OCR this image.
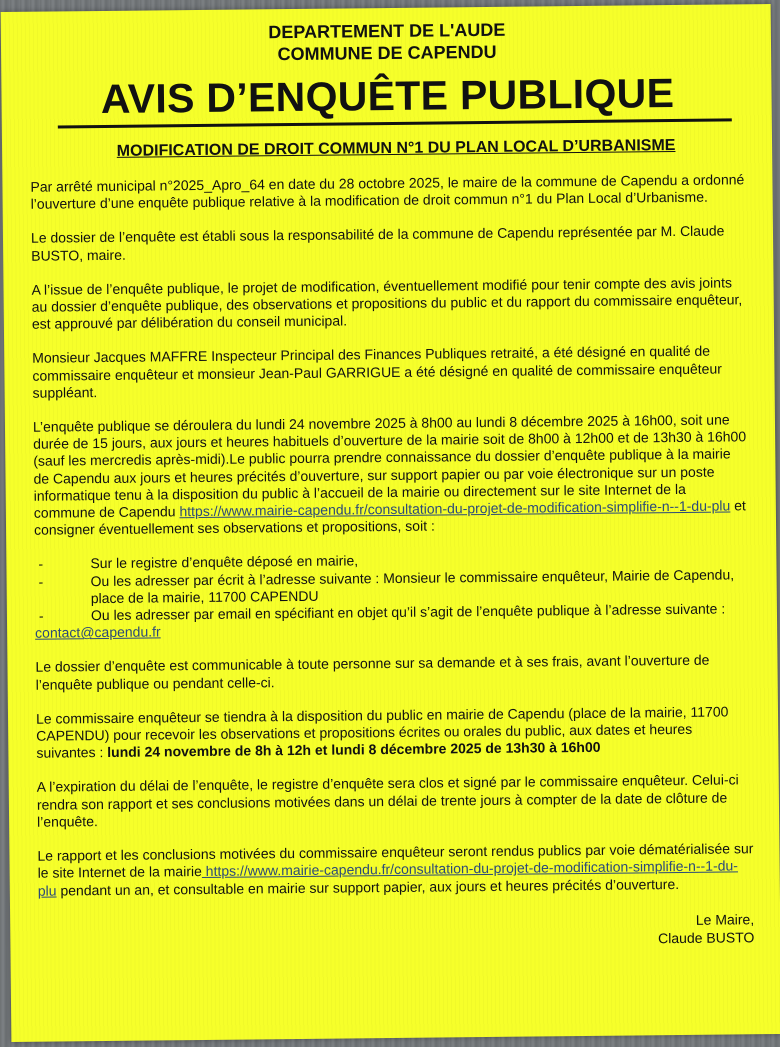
DEPARTEMENT DE L'AUDE

COMMUNE DE CAPENDU

AVIS D’ENQUÊTE PUBLIQUE
MODIFICATION DE DROIT COMMUN N°1 DU PLAN LOCAL D’URBANISME

Par arrêté municipal n°2025_Apro_64 en date du 28 octobre 2025, le maire de la commune de Capendu a ordonné l’ouverture d’une enquête publique relative à la modification de droit commun n°1 du Plan Local d’Urbanisme.

Le dossier de l’enquête est établi sous la responsabilité de la commune de Capendu représentée par M. Claude BUSTO, maire.

A l’issue de l’enquête publique, le projet de modification, éventuellement modifié pour tenir compte des avis joints au dossier d’enquête publique, des observations et propositions du public et du rapport du commissaire enquêteur, est approuvé par délibération du conseil municipal.

Monsieur Jacques MAFFRE Inspecteur Principal des Finances Publiques retraité, a été désigné en qualité de commissaire enquêteur et monsieur Jean-Paul GARRIGUE a été désigné en qualité de commissaire enquêteur suppléant.

L’enquête publique se déroulera du lundi 24 novembre 2025 à 8h00 au lundi 8 décembre 2025 à 16h00, soit une durée de 15 jours, aux jours et heures habituels d’ouverture de la mairie soit de 8h00 à 12h00 et de 13h30 à 16h00 (sauf les mercredis après-midi).Le public pourra prendre connaissance du dossier d’enquête publique à la mairie de Capendu aux jours et heures précités d’ouverture, sur support papier ou par voie électronique sur un poste informatique tenu à la disposition du public à l’accueil de la mairie ou directement sur le site Internet de la commune de Capendu https://www.mairie-capendu.fr/consultation-du-projet-de-modification-simplifie-n--1-du-plu et consigner éventuellement ses observations et propositions, soit :

-	Sur le registre d’enquête déposé en mairie,
-	Ou les adresser par écrit à l’adresse suivante : Monsieur le commissaire enquêteur, Mairie de Capendu, place de la mairie, 11700 CAPENDU
-	Ou les adresser par email en spécifiant en objet qu’il s’agit de l’enquête publique à l’adresse suivante :
contact@capendu.fr

Le dossier d’enquête est communicable à toute personne sur sa demande et à ses frais, avant l’ouverture de l’enquête publique ou pendant celle-ci.

Le commissaire enquêteur se tiendra à la disposition du public en mairie de Capendu (place de la mairie, 11700 CAPENDU) pour recevoir les observations et propositions écrites ou orales du public, aux dates et heures suivantes : lundi 24 novembre de 8h à 12h et lundi 8 décembre 2025 de 13h30 à 16h00

A l’expiration du délai de l’enquête, le registre d’enquête sera clos et signé par le commissaire enquêteur. Celui-ci rendra son rapport et ses conclusions motivées dans un délai de trente jours à compter de la date de clôture de l’enquête.

Le rapport et les conclusions motivées du commissaire enquêteur seront rendus publics par voie dématérialisée sur le site Internet de la mairie https://www.mairie-capendu.fr/consultation-du-projet-de-modification-simplifie-n--1-du-plu pendant un an, et consultable en mairie sur support papier, aux jours et heures précités d’ouverture.

Le Maire,
Claude BUSTO
